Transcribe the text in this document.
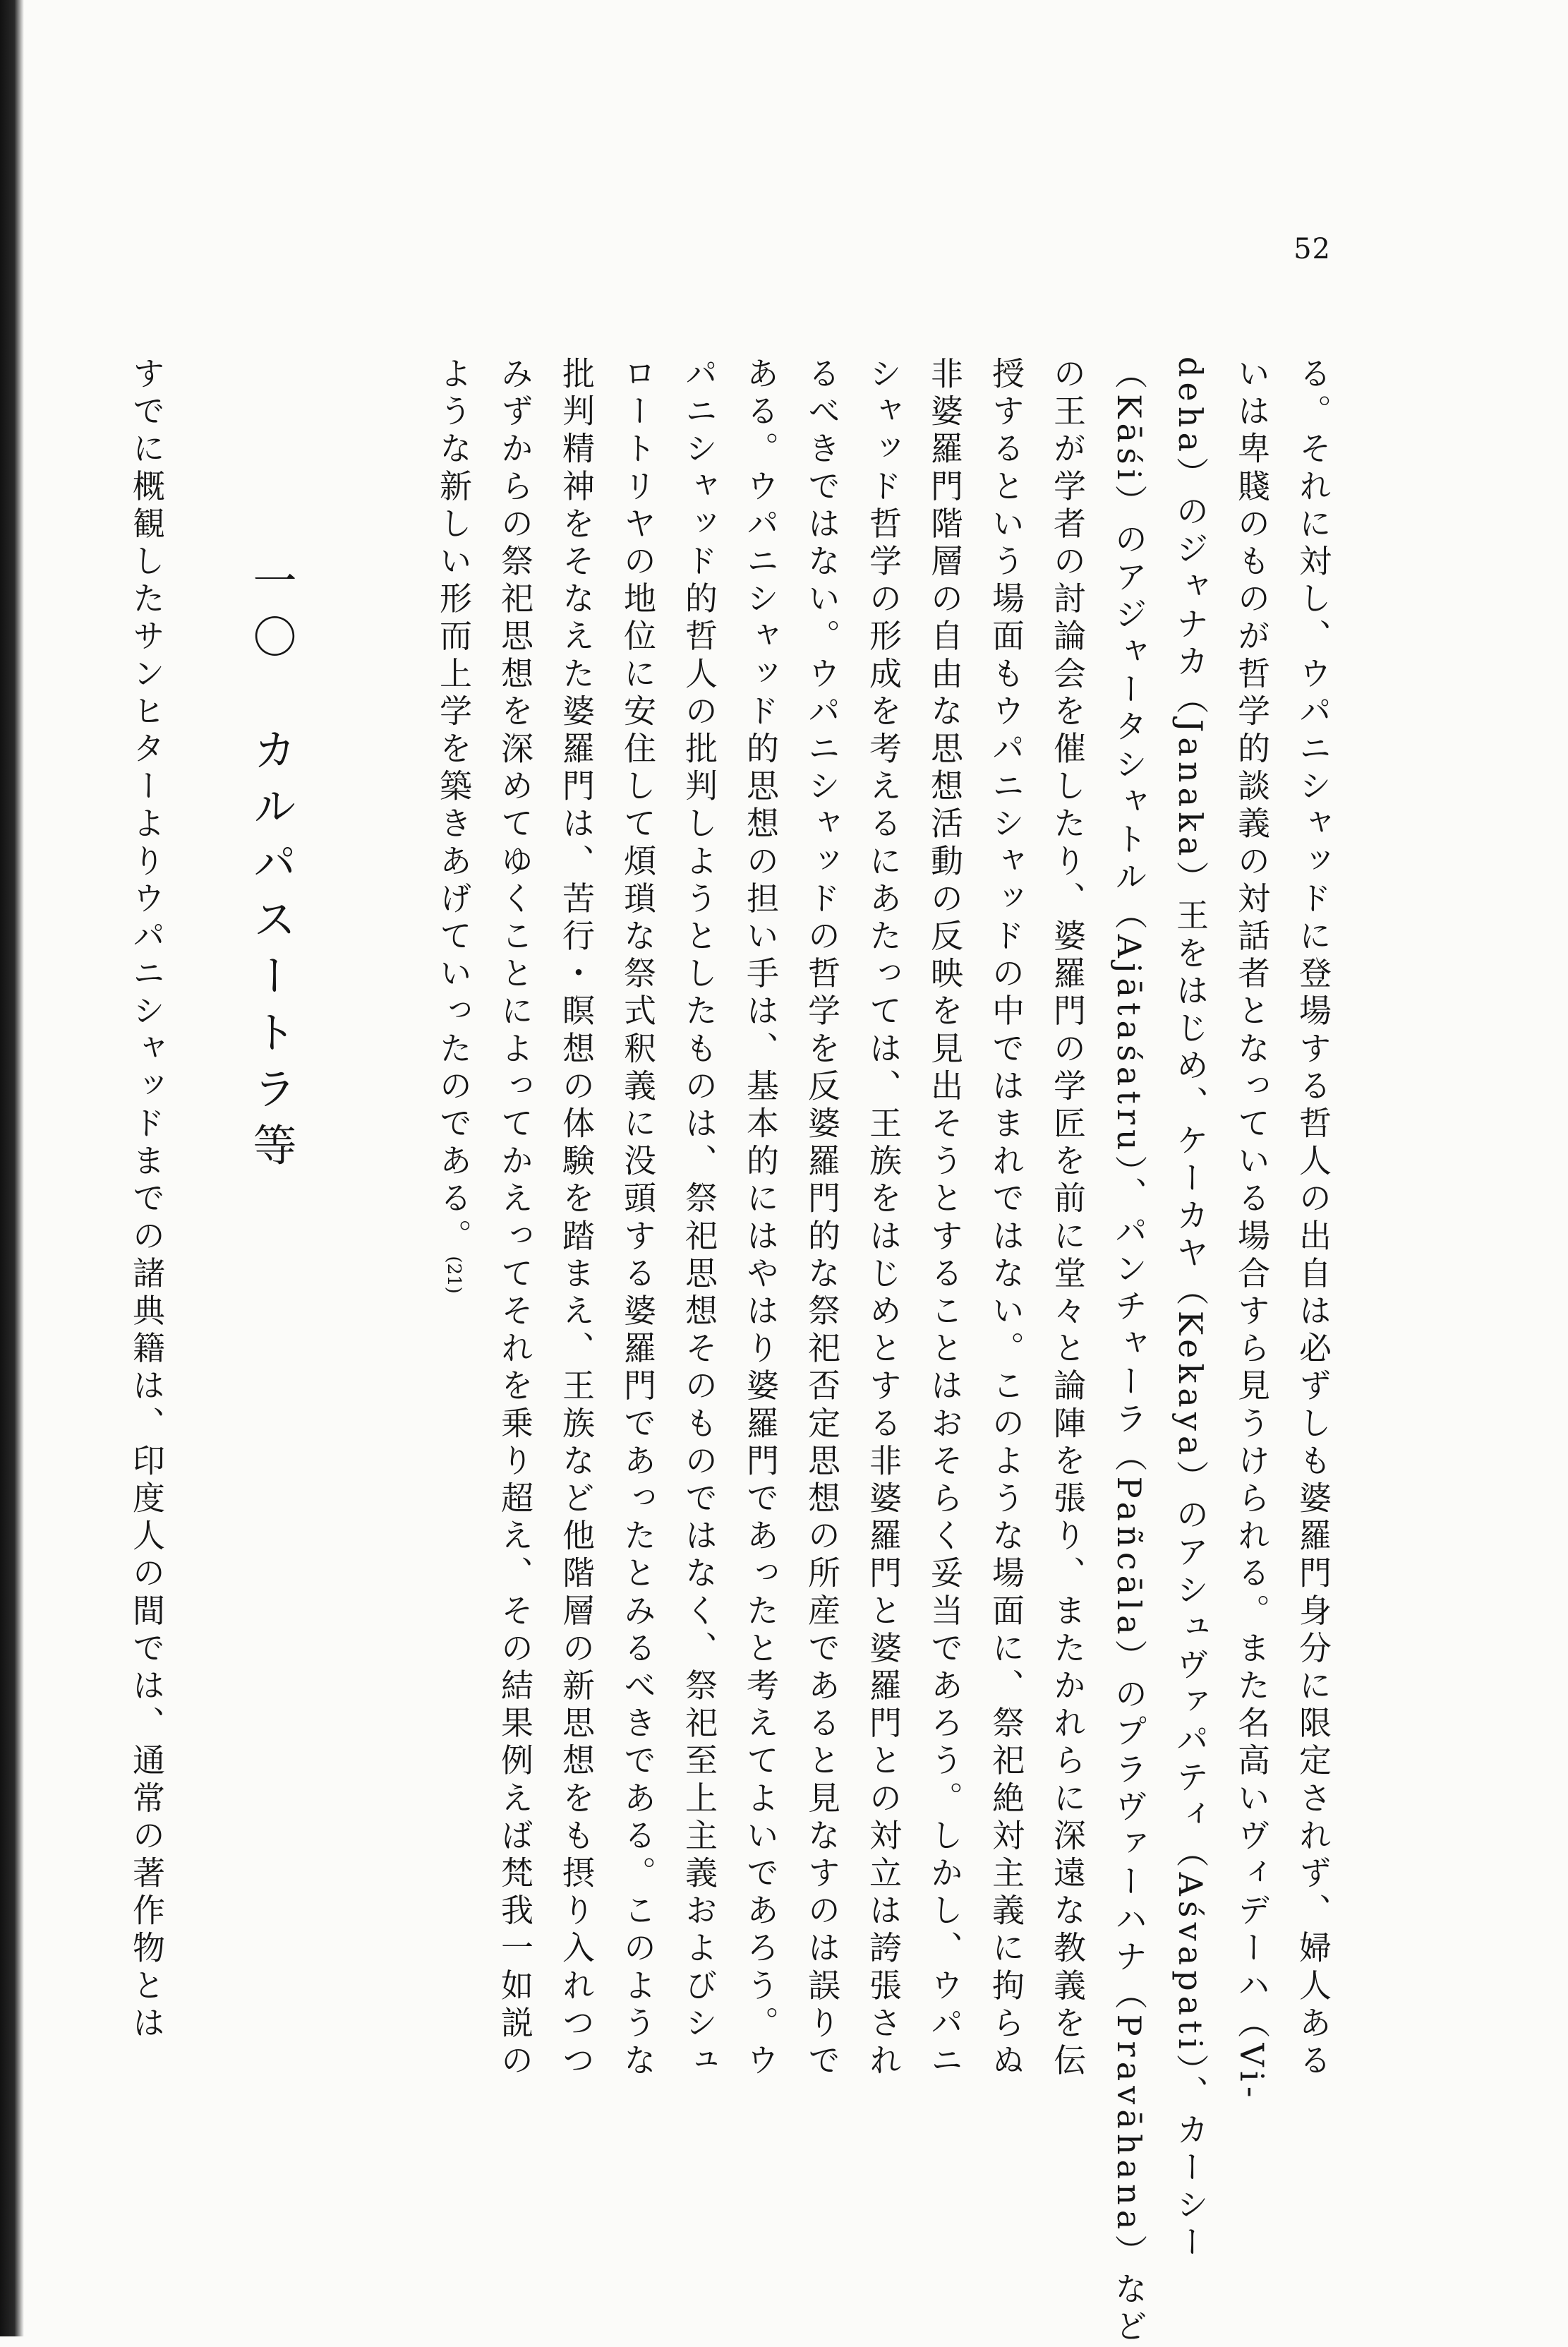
52
る。それに対し、ウパニシャッドに登場する哲人の出自は必ずしも婆羅門身分に限定されず、婦人ある
いは卑賤のものが哲学的談義の対話者となっている場合すら見うけられる。また名高いヴィデーハ（Vi-
deha）のジャナカ（Janaka）王をはじめ、ケーカヤ（Kekaya）のアシュヴァパティ（Aśvapati）、カーシー
（Kāśi）のアジャータシャトル（Ajātaśatru）、パンチャーラ（Pañcāla）のプラヴァーハナ（Pravāhana）など
の王が学者の討論会を催したり、婆羅門の学匠を前に堂々と論陣を張り、またかれらに深遠な教義を伝
授するという場面もウパニシャッドの中ではまれではない。このような場面に、祭祀絶対主義に拘らぬ
非婆羅門階層の自由な思想活動の反映を見出そうとすることはおそらく妥当であろう。しかし、ウパニ
シャッド哲学の形成を考えるにあたっては、王族をはじめとする非婆羅門と婆羅門との対立は誇張され
るべきではない。ウパニシャッドの哲学を反婆羅門的な祭祀否定思想の所産であると見なすのは誤りで
ある。ウパニシャッド的思想の担い手は、基本的にはやはり婆羅門であったと考えてよいであろう。ウ
パニシャッド的哲人の批判しようとしたものは、祭祀思想そのものではなく、祭祀至上主義およびシュ
ロートリヤの地位に安住して煩瑣な祭式釈義に没頭する婆羅門であったとみるべきである。このような
批判精神をそなえた婆羅門は、苦行・瞑想の体験を踏まえ、王族など他階層の新思想をも摂り入れつつ
みずからの祭祀思想を深めてゆくことによってかえってそれを乗り超え、その結果例えば梵我一如説の
ような新しい形而上学を築きあげていったのである。(21)
一〇　カルパスートラ等
すでに概観したサンヒターよりウパニシャッドまでの諸典籍は、印度人の間では、通常の著作物とは
